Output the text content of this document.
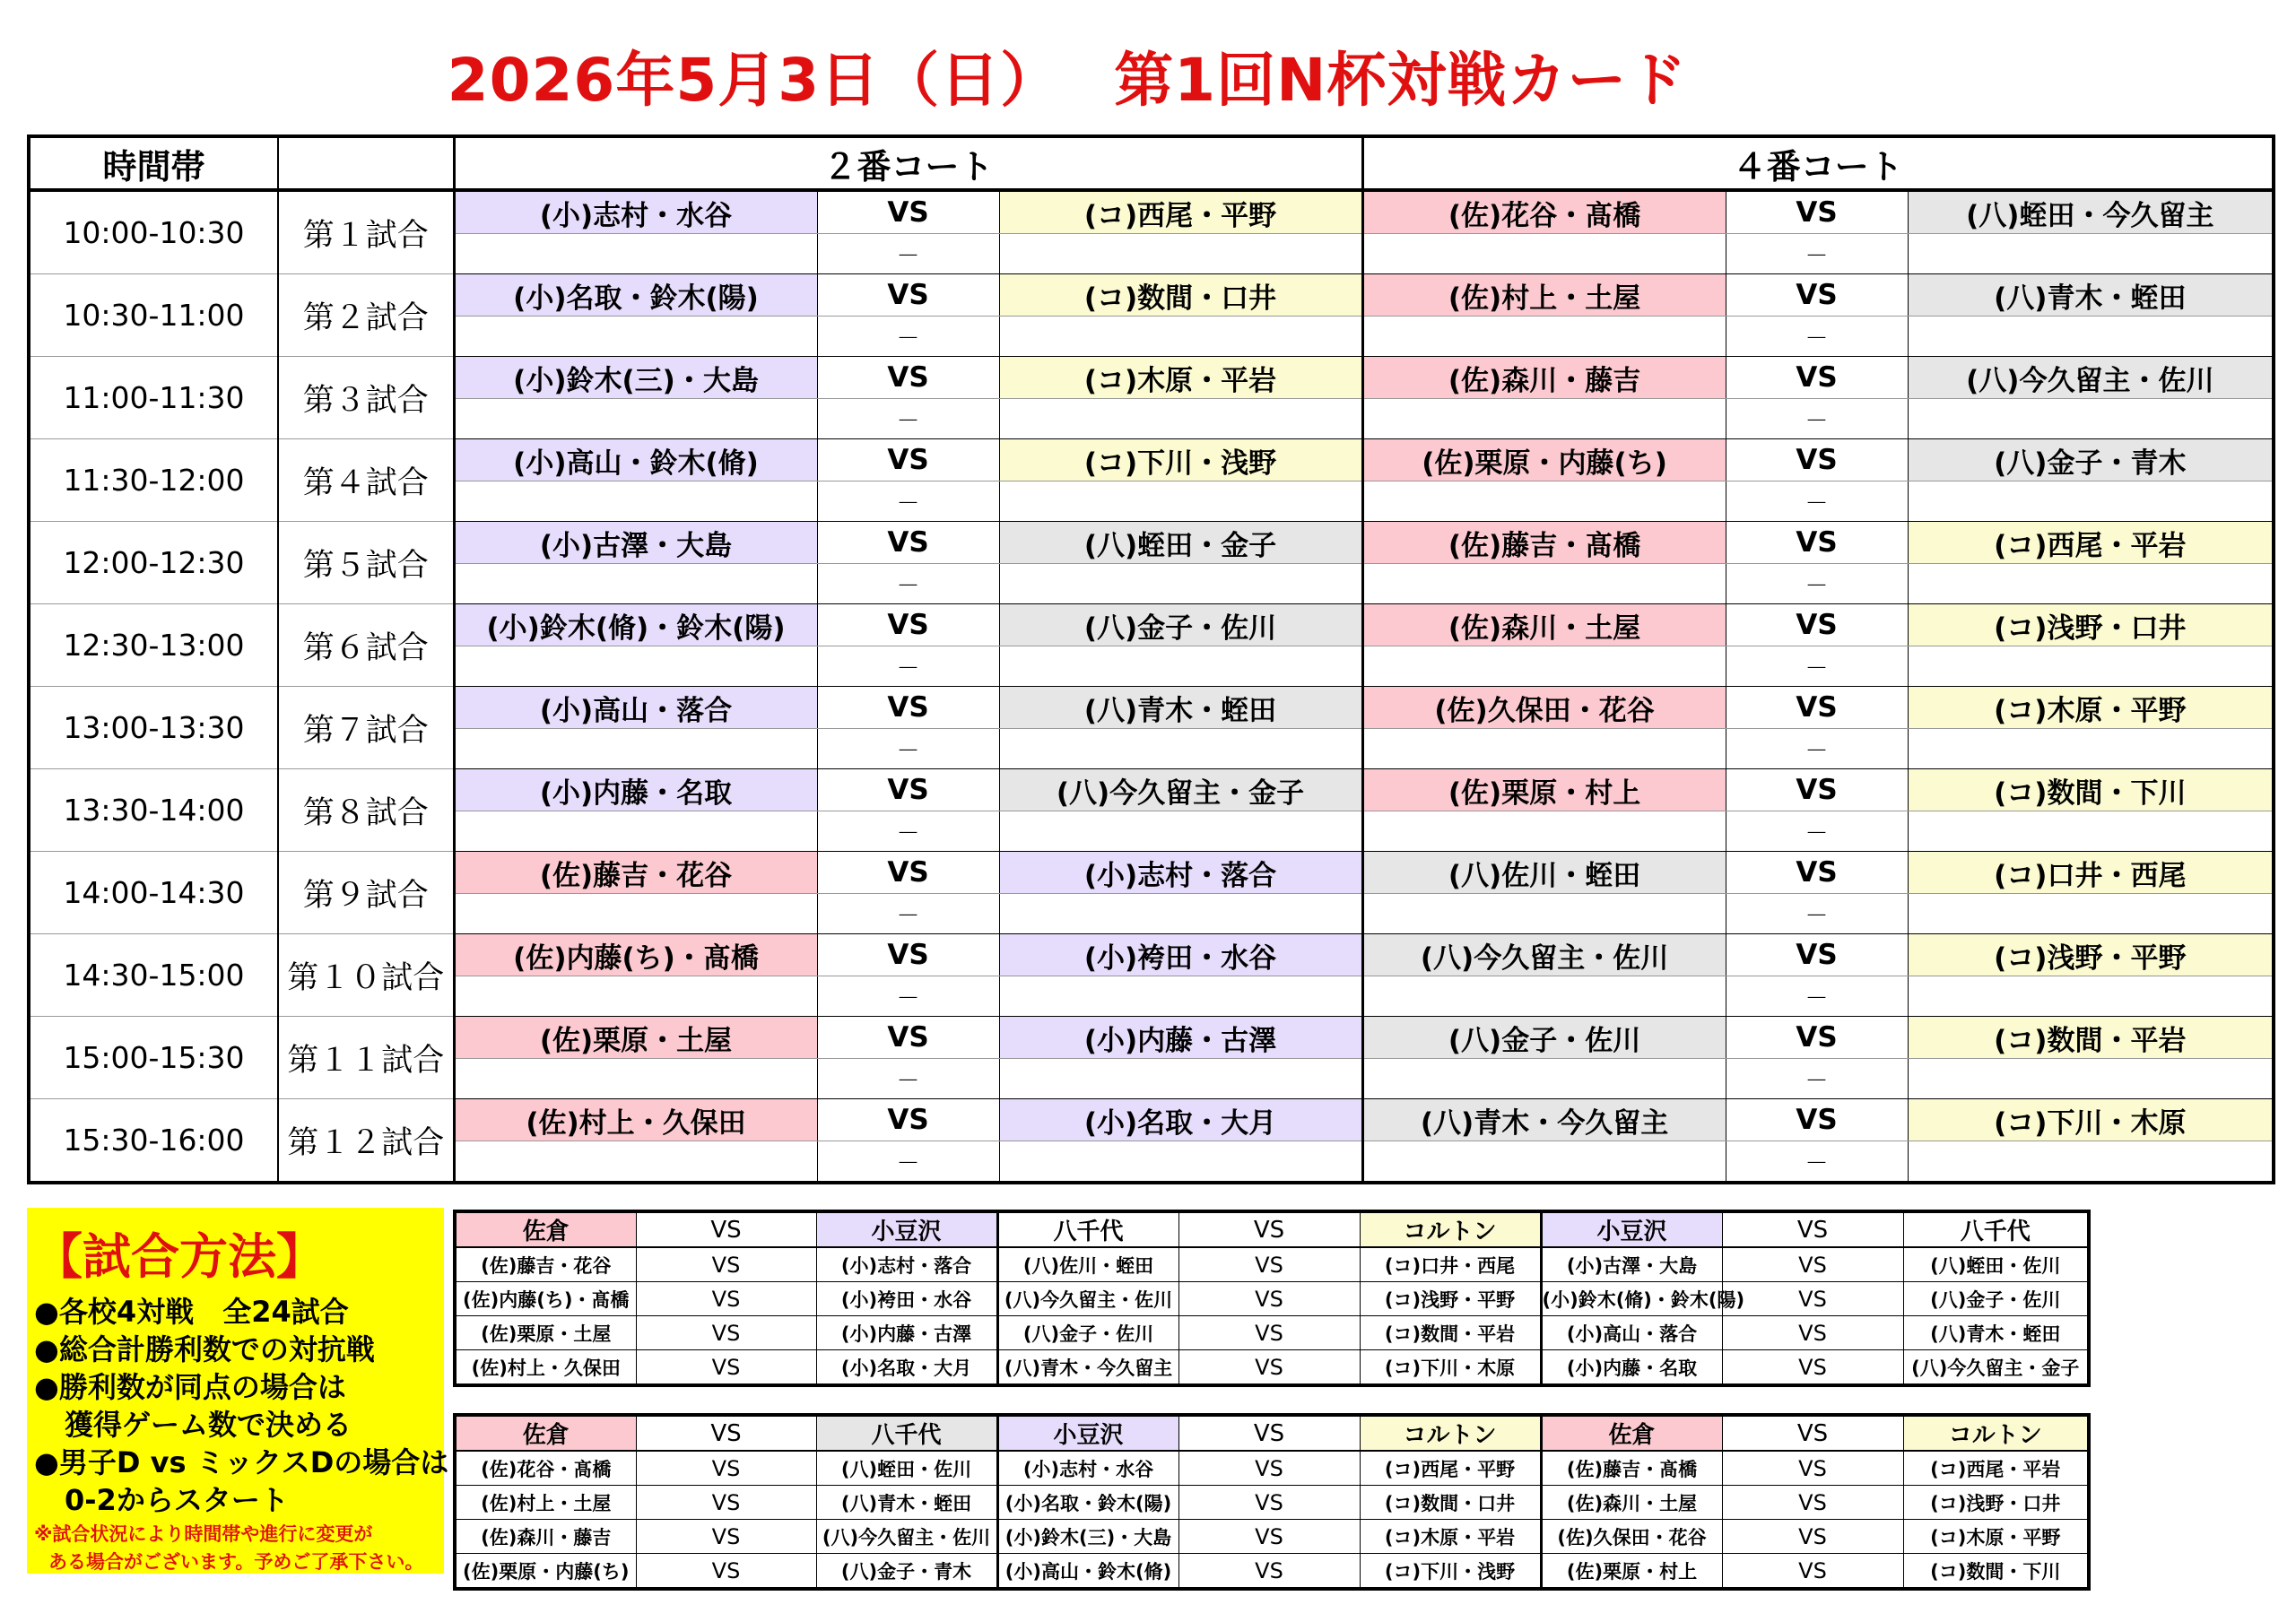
2026年5月3日（日） 第1回N杯対戦カード
時間帯		２番コート			４番コート		
10:00-10:30	第１試合	(小)志村・水谷	VS	(コ)西尾・平野	(佐)花谷・髙橋	VS	(八)蛭田・今久留主
			－			－	
10:30-11:00	第２試合	(小)名取・鈴木(陽)	VS	(コ)数間・口井	(佐)村上・土屋	VS	(八)青木・蛭田
			－			－	
11:00-11:30	第３試合	(小)鈴木(三)・大島	VS	(コ)木原・平岩	(佐)森川・藤吉	VS	(八)今久留主・佐川
			－			－	
11:30-12:00	第４試合	(小)高山・鈴木(脩)	VS	(コ)下川・浅野	(佐)栗原・内藤(ち)	VS	(八)金子・青木
			－			－	
12:00-12:30	第５試合	(小)古澤・大島	VS	(八)蛭田・金子	(佐)藤吉・髙橋	VS	(コ)西尾・平岩
			－			－	
12:30-13:00	第６試合	(小)鈴木(脩)・鈴木(陽)	VS	(八)金子・佐川	(佐)森川・土屋	VS	(コ)浅野・口井
			－			－	
13:00-13:30	第７試合	(小)高山・落合	VS	(八)青木・蛭田	(佐)久保田・花谷	VS	(コ)木原・平野
			－			－	
13:30-14:00	第８試合	(小)内藤・名取	VS	(八)今久留主・金子	(佐)栗原・村上	VS	(コ)数間・下川
			－			－	
14:00-14:30	第９試合	(佐)藤吉・花谷	VS	(小)志村・落合	(八)佐川・蛭田	VS	(コ)口井・西尾
			－			－	
14:30-15:00	第１０試合	(佐)内藤(ち)・髙橋	VS	(小)袴田・水谷	(八)今久留主・佐川	VS	(コ)浅野・平野
			－			－	
15:00-15:30	第１１試合	(佐)栗原・土屋	VS	(小)内藤・古澤	(八)金子・佐川	VS	(コ)数間・平岩
			－			－	
15:30-16:00	第１２試合	(佐)村上・久保田	VS	(小)名取・大月	(八)青木・今久留主	VS	(コ)下川・木原
			－			－	
【試合方法】
●各校4対戦　全24試合
●総合計勝利数での対抗戦
●勝利数が同点の場合は
獲得ゲーム数で決める
●男子D vs ミックスDの場合は
0-2からスタート
※試合状況により時間帯や進行に変更が
ある場合がございます。予めご了承下さい。
佐倉	VS	小豆沢	八千代	VS	コルトン	小豆沢	VS	八千代
(佐)藤吉・花谷	VS	(小)志村・落合	(八)佐川・蛭田	VS	(コ)口井・西尾	(小)古澤・大島	VS	(八)蛭田・佐川
(佐)内藤(ち)・髙橋	VS	(小)袴田・水谷	(八)今久留主・佐川	VS	(コ)浅野・平野	(小)鈴木(脩)・鈴木(陽)	VS	(八)金子・佐川
(佐)栗原・土屋	VS	(小)内藤・古澤	(八)金子・佐川	VS	(コ)数間・平岩	(小)高山・落合	VS	(八)青木・蛭田
(佐)村上・久保田	VS	(小)名取・大月	(八)青木・今久留主	VS	(コ)下川・木原	(小)内藤・名取	VS	(八)今久留主・金子
佐倉	VS	八千代	小豆沢	VS	コルトン	佐倉	VS	コルトン
(佐)花谷・髙橋	VS	(八)蛭田・佐川	(小)志村・水谷	VS	(コ)西尾・平野	(佐)藤吉・髙橋	VS	(コ)西尾・平岩
(佐)村上・土屋	VS	(八)青木・蛭田	(小)名取・鈴木(陽)	VS	(コ)数間・口井	(佐)森川・土屋	VS	(コ)浅野・口井
(佐)森川・藤吉	VS	(八)今久留主・佐川	(小)鈴木(三)・大島	VS	(コ)木原・平岩	(佐)久保田・花谷	VS	(コ)木原・平野
(佐)栗原・内藤(ち)	VS	(八)金子・青木	(小)高山・鈴木(脩)	VS	(コ)下川・浅野	(佐)栗原・村上	VS	(コ)数間・下川
